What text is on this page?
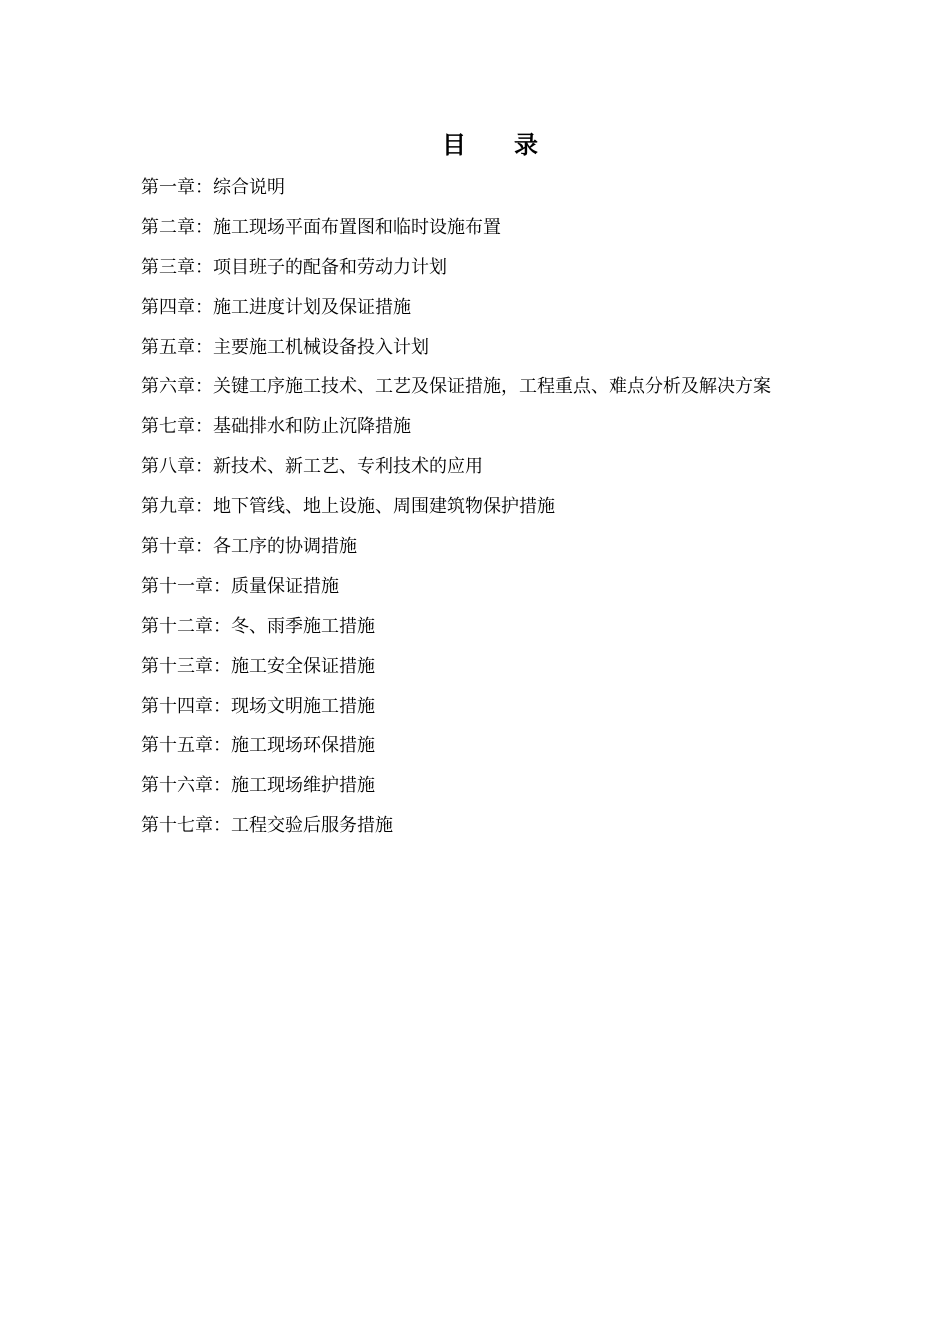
目　　录
第一章：综合说明
第二章：施工现场平面布置图和临时设施布置
第三章：项目班子的配备和劳动力计划
第四章：施工进度计划及保证措施
第五章：主要施工机械设备投入计划
第六章：关键工序施工技术、工艺及保证措施，工程重点、难点分析及解决方案
第七章：基础排水和防止沉降措施
第八章：新技术、新工艺、专利技术的应用
第九章：地下管线、地上设施、周围建筑物保护措施
第十章：各工序的协调措施
第十一章：质量保证措施
第十二章：冬、雨季施工措施
第十三章：施工安全保证措施
第十四章：现场文明施工措施
第十五章：施工现场环保措施
第十六章：施工现场维护措施
第十七章：工程交验后服务措施
